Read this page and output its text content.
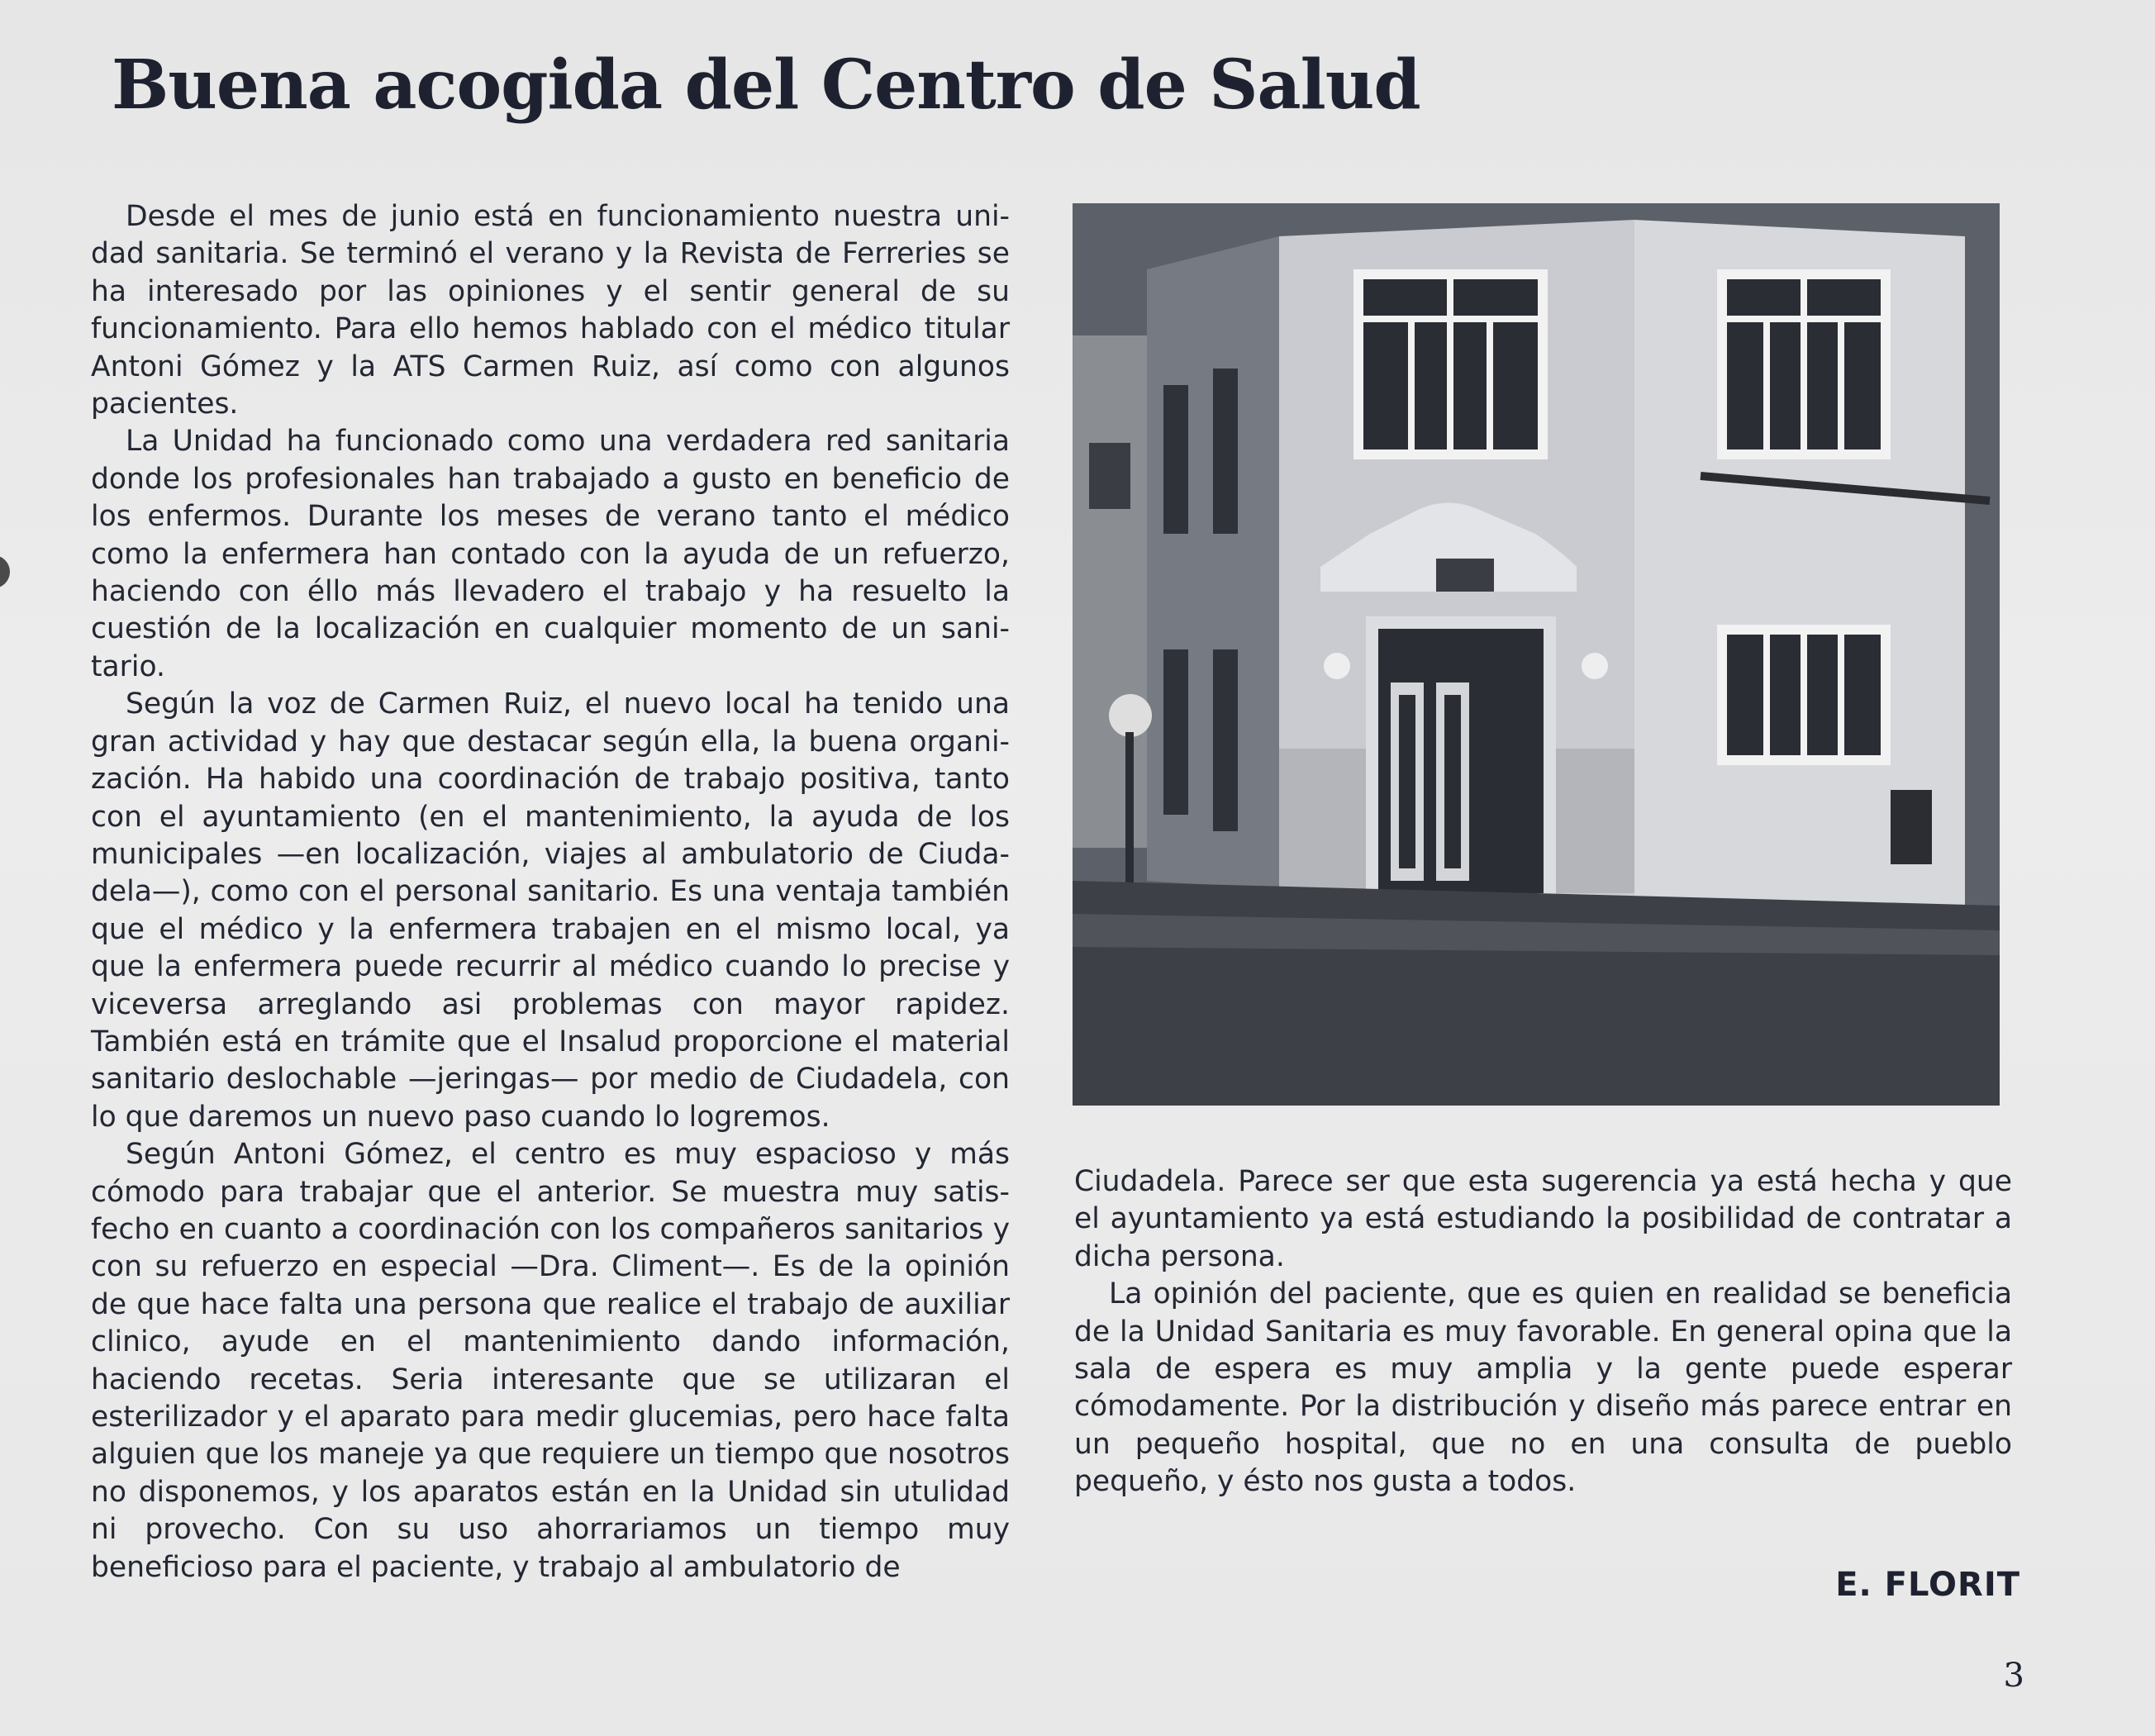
Buena acogida del Centro de Salud

Desde el mes de junio está en funcionamiento nuestra unidad sanitaria. Se terminó el verano y la Revista de Ferreries se ha interesado por las opiniones y el sentir general de su funcionamiento. Para ello hemos hablado con el médico titular Antoni Gómez y la ATS Carmen Ruiz, así como con algunos pacientes.

La Unidad ha funcionado como una verdadera red sanitaria donde los profesionales han trabajado a gusto en beneficio de los enfermos. Durante los meses de verano tanto el médico como la enfermera han contado con la ayuda de un refuerzo, haciendo con éllo más llevadero el trabajo y ha resuelto la cuestión de la localización en cualquier momento de un sanitario.

Según la voz de Carmen Ruiz, el nuevo local ha tenido una gran actividad y hay que destacar según ella, la buena organización. Ha habido una coordinación de trabajo positiva, tanto con el ayuntamiento (en el mantenimiento, la ayuda de los municipales —en localización, viajes al ambulatorio de Ciudadela—), como con el personal sanitario. Es una ventaja también que el médico y la enfermera trabajen en el mismo local, ya que la enfermera puede recurrir al médico cuando lo precise y viceversa arreglando asi problemas con mayor rapidez. También está en trámite que el Insalud proporcione el material sanitario deslochable —jeringas— por medio de Ciudadela, con lo que daremos un nuevo paso cuando lo logremos.

Según Antoni Gómez, el centro es muy espacioso y más cómodo para trabajar que el anterior. Se muestra muy satisfecho en cuanto a coordinación con los compañeros sanitarios y con su refuerzo en especial —Dra. Climent—. Es de la opinión de que hace falta una persona que realice el trabajo de auxiliar clinico, ayude en el mantenimiento dando información, haciendo recetas. Seria interesante que se utilizaran el esterilizador y el aparato para medir glucemias, pero hace falta alguien que los maneje ya que requiere un tiempo que nosotros no disponemos, y los aparatos están en la Unidad sin utulidad ni provecho. Con su uso ahorrariamos un tiempo muy beneficioso para el paciente, y trabajo al ambulatorio de

Ciudadela. Parece ser que esta sugerencia ya está hecha y que el ayuntamiento ya está estudiando la posibilidad de contratar a dicha persona.

La opinión del paciente, que es quien en realidad se beneficia de la Unidad Sanitaria es muy favorable. En general opina que la sala de espera es muy amplia y la gente puede esperar cómodamente. Por la distribución y diseño más parece entrar en un pequeño hospital, que no en una consulta de pueblo pequeño, y ésto nos gusta a todos.

E. FLORIT

3
